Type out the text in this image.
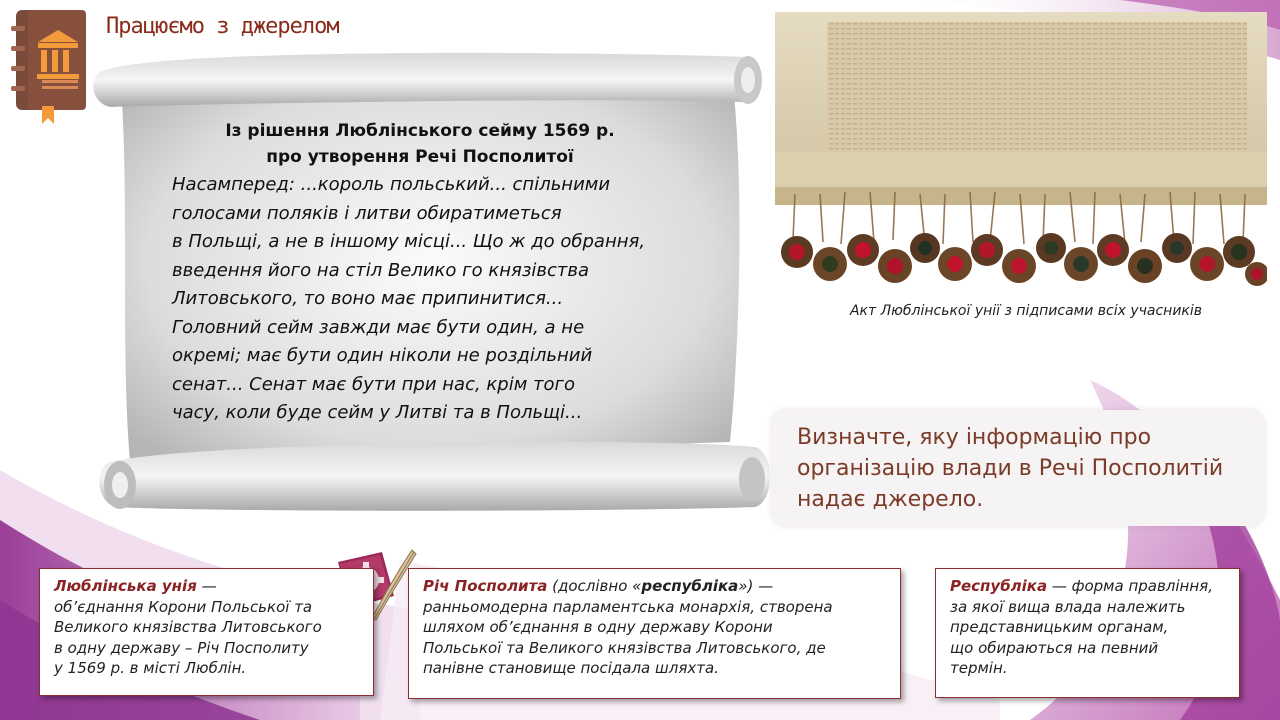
Працюємо з джерелом
Із рішення Люблінського сейму 1569 р.
про утворення Речі Посполитої
Насамперед: ...король польський... спільними
голосами поляків і литви обиратиметься
в Польщі, а не в іншому місці... Що ж до обрання,
введення його на стіл Велико го князівства
Литовського, то воно має припинитися...
Головний сейм завжди має бути один, а не
окремі; має бути один ніколи не роздільний
сенат... Сенат має бути при нас, крім того
часу, коли буде сейм у Литві та в Польщі...
Акт Люблінської унії з підписами всіх учасників
Визначте, яку інформацію про організацію влади в Речі Посполитій надає джерело.
Люблінська унія —
об’єднання Корони Польської та
Великого князівства Литовського
в одну державу – Річ Посполиту
у 1569 р. в місті Люблін.
Річ Посполита (дослівно «республіка») —
ранньомодерна парламентська монархія, створена
шляхом об’єднання в одну державу Корони
Польської та Великого князівства Литовського, де
панівне становище посідала шляхта.
Республіка — форма правління,
за якої вища влада належить
представницьким органам,
що обираються на певний
термін.
